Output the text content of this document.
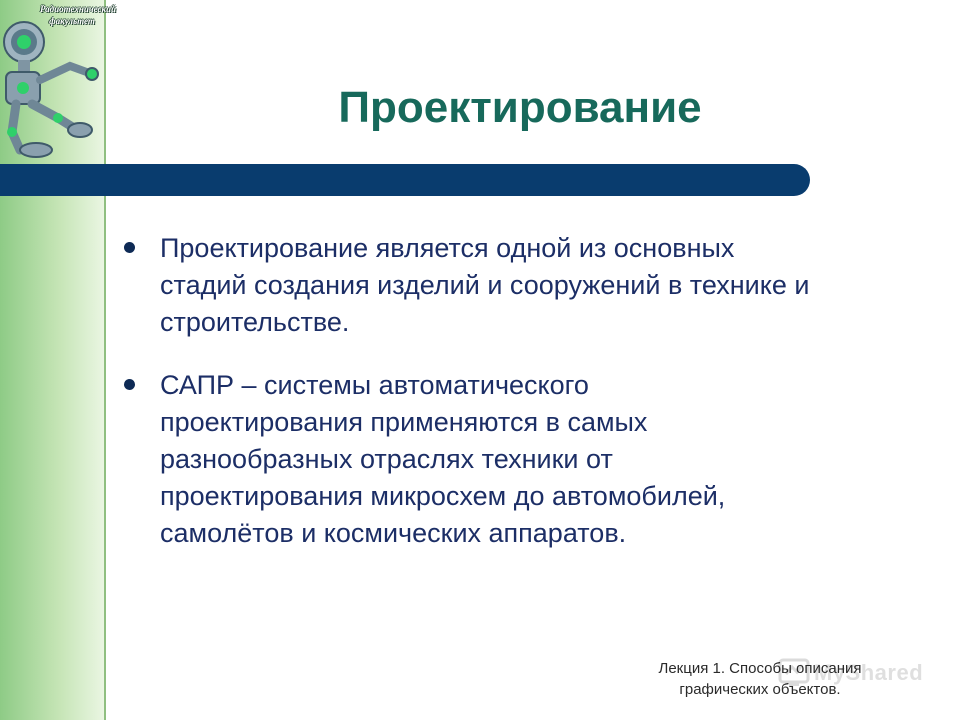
Радиотехнический факультет
Проектирование
Проектирование является одной из основных
стадий создания изделий и сооружений в технике и
строительстве.
САПР – системы автоматического
проектирования применяются в самых
разнообразных отраслях техники от
проектирования микросхем до автомобилей,
самолётов и космических аппаратов.
MyShared
Лекция 1. Способы описания
графических объектов.
